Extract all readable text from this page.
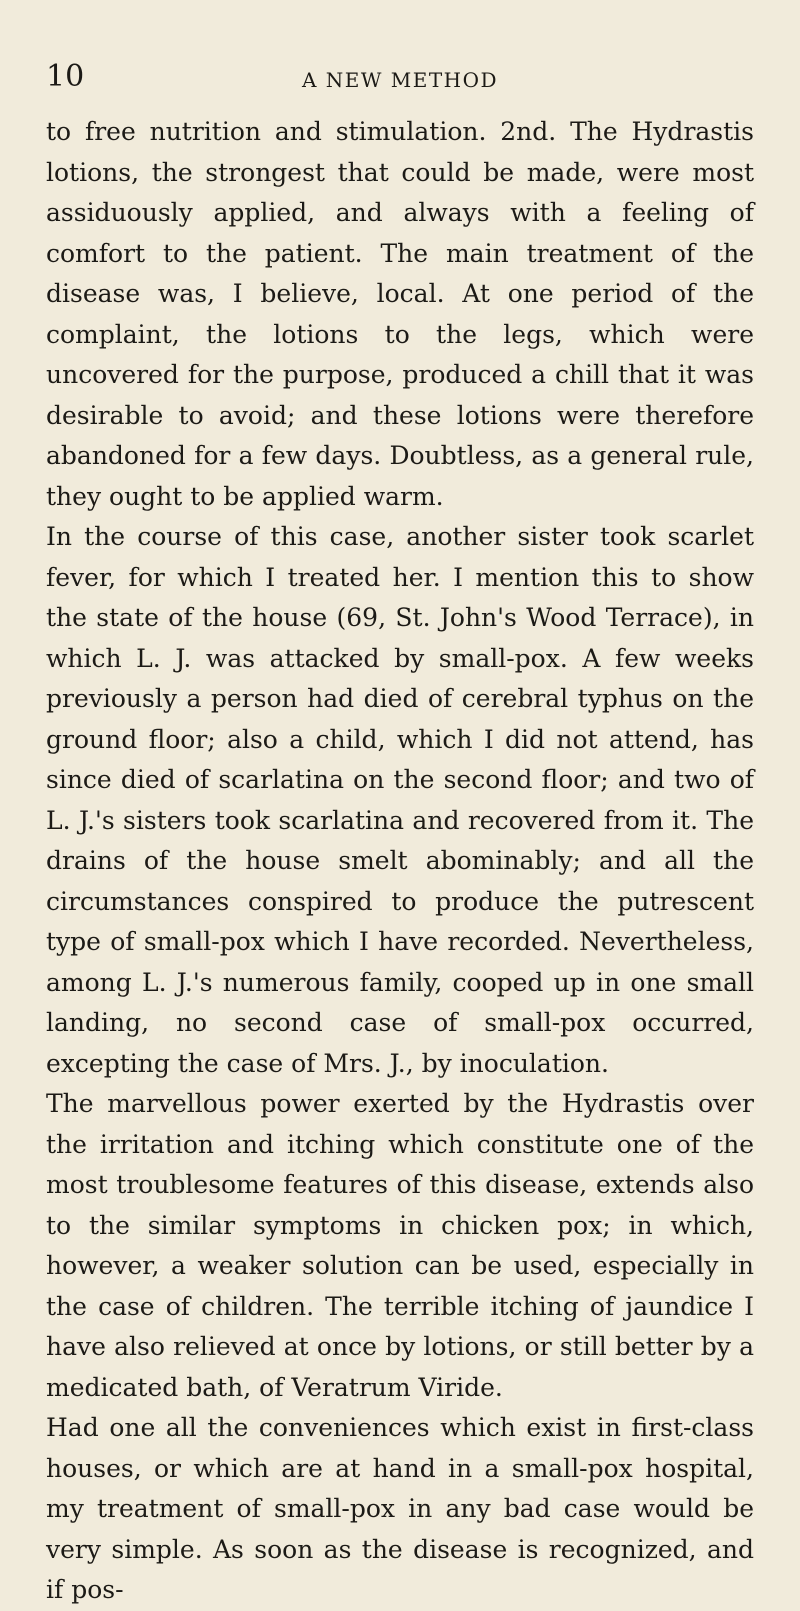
10	A NEW METHOD

to free nutrition and stimulation. 2nd. The Hydrastis lotions, the strongest that could be made, were most assiduously applied, and always with a feeling of comfort to the patient. The main treatment of the disease was, I believe, local. At one period of the complaint, the lotions to the legs, which were uncovered for the purpose, produced a chill that it was desirable to avoid; and these lotions were therefore abandoned for a few days. Doubtless, as a general rule, they ought to be applied warm.

In the course of this case, another sister took scarlet fever, for which I treated her. I mention this to show the state of the house (69, St. John's Wood Terrace), in which L. J. was attacked by small-pox. A few weeks previously a person had died of cerebral typhus on the ground floor; also a child, which I did not attend, has since died of scarlatina on the second floor; and two of L. J.'s sisters took scarlatina and recovered from it. The drains of the house smelt abominably; and all the circumstances conspired to produce the putrescent type of small-pox which I have recorded. Nevertheless, among L. J.'s numerous family, cooped up in one small landing, no second case of small-pox occurred, excepting the case of Mrs. J., by inoculation.

The marvellous power exerted by the Hydrastis over the irritation and itching which constitute one of the most troublesome features of this disease, extends also to the similar symptoms in chicken pox; in which, however, a weaker solution can be used, especially in the case of children. The terrible itching of jaundice I have also relieved at once by lotions, or still better by a medicated bath, of Veratrum Viride.

Had one all the conveniences which exist in first-class houses, or which are at hand in a small-pox hospital, my treatment of small-pox in any bad case would be very simple. As soon as the disease is recognized, and if pos-
